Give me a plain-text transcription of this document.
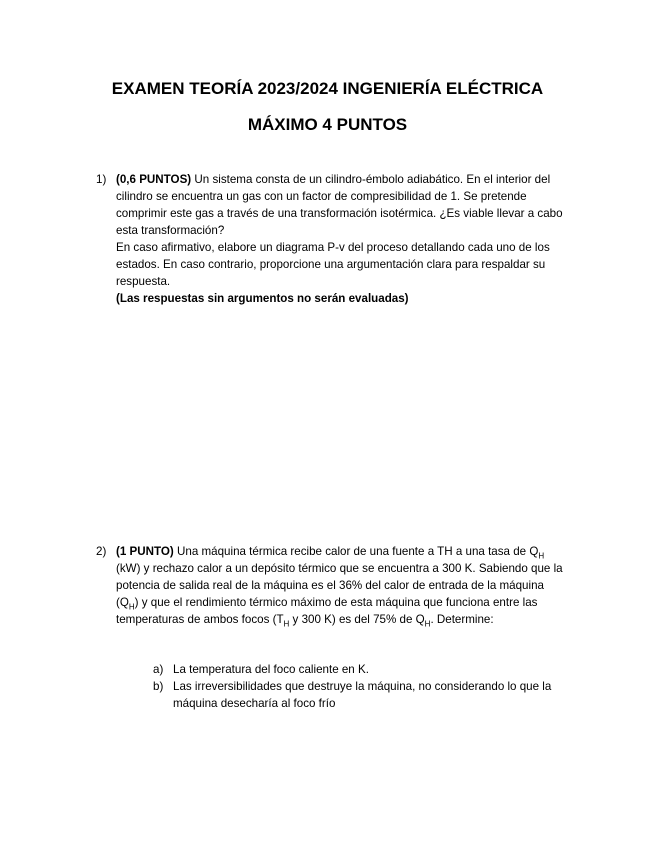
EXAMEN TEORÍA 2023/2024 INGENIERÍA ELÉCTRICA
MÁXIMO 4 PUNTOS
1) (0,6 PUNTOS) Un sistema consta de un cilindro-émbolo adiabático. En el interior del cilindro se encuentra un gas con un factor de compresibilidad de 1. Se pretende comprimir este gas a través de una transformación isotérmica. ¿Es viable llevar a cabo esta transformación?

En caso afirmativo, elabore un diagrama P-v del proceso detallando cada uno de los estados. En caso contrario, proporcione una argumentación clara para respaldar su respuesta.

(Las respuestas sin argumentos no serán evaluadas)

2) (1 PUNTO) Una máquina térmica recibe calor de una fuente a TH a una tasa de $Q_H$ (kW) y rechazo calor a un depósito térmico que se encuentra a 300 K. Sabiendo que la potencia de salida real de la máquina es el 36% del calor de entrada de la máquina $(Q_H)$ y que el rendimiento térmico máximo de esta máquina que funciona entre las temperaturas de ambos focos ($T_H$ y 300 K) es del 75% de $Q_H$. Determine:

a) La temperatura del foco caliente en K.

b) Las irreversibilidades que destruye la máquina, no considerando lo que la máquina desecharía al foco frío
